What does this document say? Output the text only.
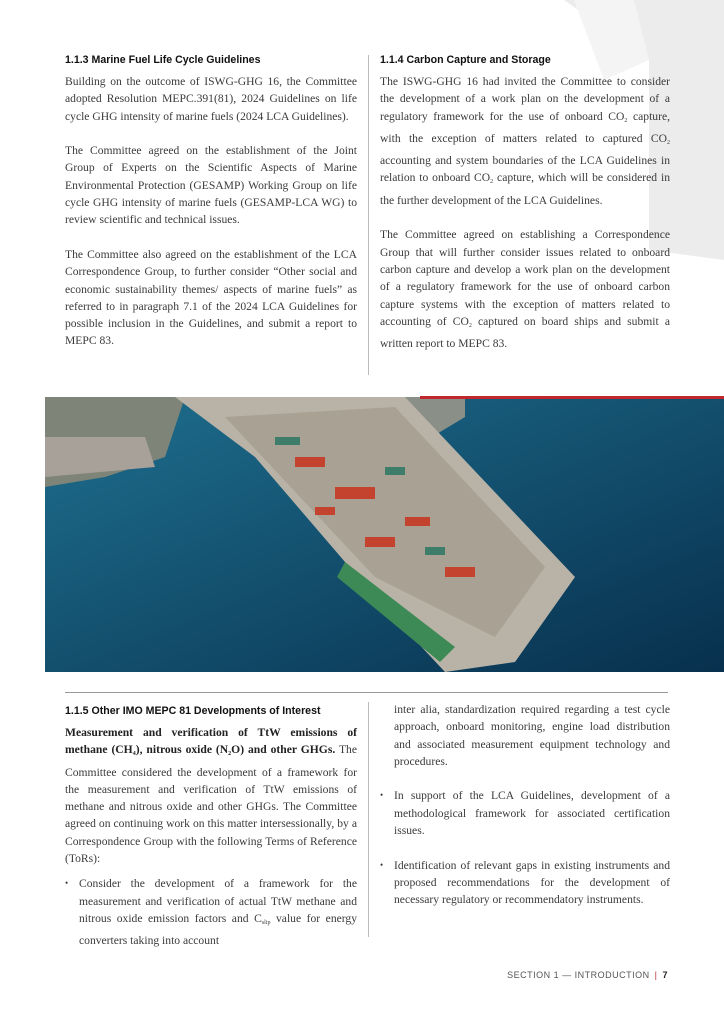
1.1.3 Marine Fuel Life Cycle Guidelines

Building on the outcome of ISWG-GHG 16, the Committee adopted Resolution MEPC.391(81), 2024 Guidelines on life cycle GHG intensity of marine fuels (2024 LCA Guidelines).

The Committee agreed on the establishment of the Joint Group of Experts on the Scientific Aspects of Marine Environmental Protection (GESAMP) Working Group on life cycle GHG intensity of marine fuels (GESAMP-LCA WG) to review scientific and technical issues.

The Committee also agreed on the establishment of the LCA Correspondence Group, to further consider “Other social and economic sustainability themes/ aspects of marine fuels” as referred to in paragraph 7.1 of the 2024 LCA Guidelines for possible inclusion in the Guidelines, and submit a report to MEPC 83.

1.1.4 Carbon Capture and Storage

The ISWG-GHG 16 had invited the Committee to consider the development of a work plan on the development of a regulatory framework for the use of onboard $CO_2$ capture, with the exception of matters related to captured $CO_2$ accounting and system boundaries of the LCA Guidelines in relation to onboard $CO_2$ capture, which will be considered in the further development of the LCA Guidelines.

The Committee agreed on establishing a Correspondence Group that will further consider issues related to onboard carbon capture and develop a work plan on the development of a regulatory framework for the use of onboard carbon capture systems with the exception of matters related to accounting of $CO_2$ captured on board ships and submit a written report to MEPC 83.

1.1.5 Other IMO MEPC 81 Developments of Interest

Measurement and verification of TtW emissions of methane $(CH_4)$, nitrous oxide $(N_2O)$ and other GHGs. The Committee considered the development of a framework for the measurement and verification of TtW emissions of methane and nitrous oxide and other GHGs. The Committee agreed on continuing work on this matter intersessionally, by a Correspondence Group with the following Terms of Reference (ToRs):

• Consider the development of a framework for the measurement and verification of actual TtW methane and nitrous oxide emission factors and $C_{slip}$ value for energy converters taking into account
inter alia, standardization required regarding a test cycle approach, onboard monitoring, engine load distribution and associated measurement equipment technology and procedures.
• In support of the LCA Guidelines, development of a methodological framework for associated certification issues.
• Identification of relevant gaps in existing instruments and proposed recommendations for the development of necessary regulatory or recommendatory instruments.
SECTION 1 — INTRODUCTION | 7
